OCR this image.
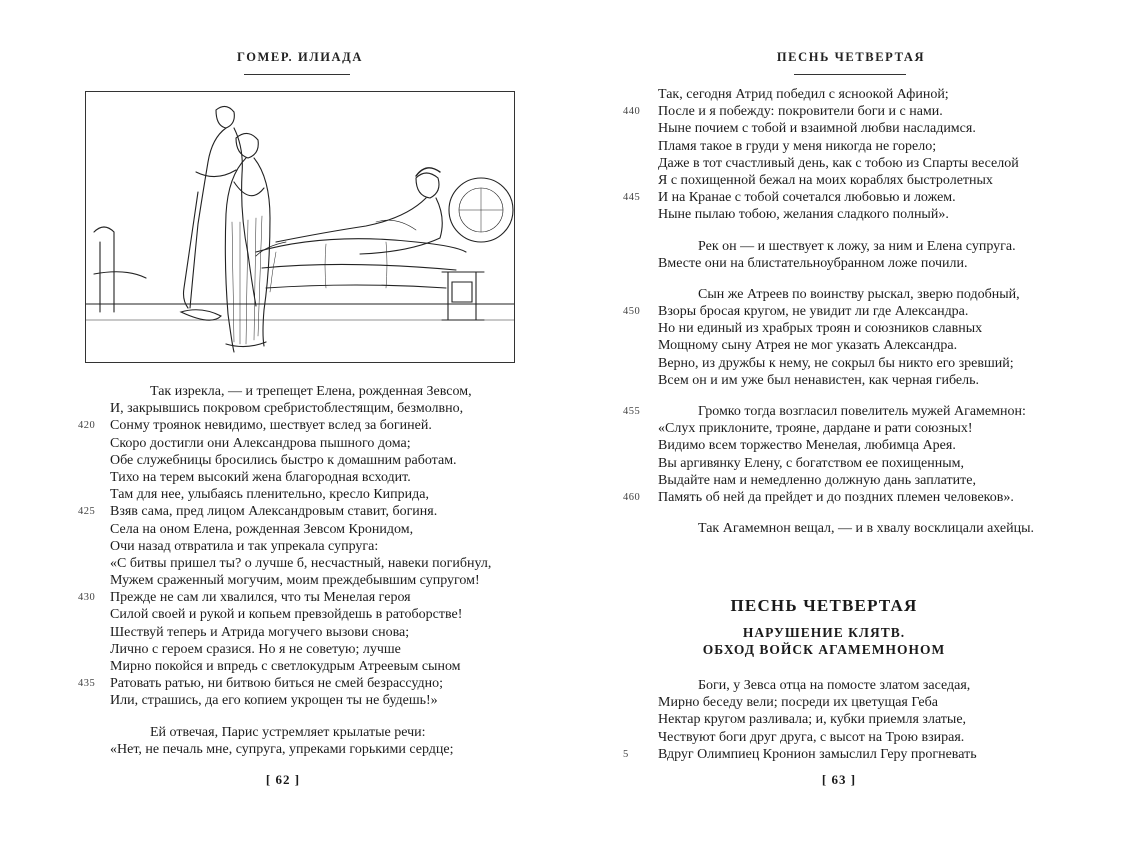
ГОМЕР. ИЛИАДА
Так изрекла, — и трепещет Елена, рожденная Зевсом,
И, закрывшись покровом сребристоблестящим, безмолвно,
420 Сонму троянок невидимо, шествует вслед за богиней.
Скоро достигли они Александрова пышного дома;
Обе служебницы бросились быстро к домашним работам.
Тихо на терем высокий жена благородная всходит.
Там для нее, улыбаясь пленительно, кресло Киприда,
425 Взяв сама, пред лицом Александровым ставит, богиня.
Села на оном Елена, рожденная Зевсом Кронидом,
Очи назад отвратила и так упрекала супруга:
«С битвы пришел ты? о лучше б, несчастный, навеки погибнул,
Мужем сраженный могучим, моим преждебывшим супругом!
430 Прежде не сам ли хвалился, что ты Менелая героя
Силой своей и рукой и копьем превзойдешь в ратоборстве!
Шествуй теперь и Атрида могучего вызови снова;
Лично с героем сразися. Но я не советую; лучше
Мирно покойся и впредь с светлокудрым Атреевым сыном
435 Ратовать ратью, ни битвою биться не смей безрассудно;
Или, страшись, да его копием укрощен ты не будешь!»
Ей отвечая, Парис устремляет крылатые речи:
«Нет, не печаль мне, супруга, упреками горькими сердце;
[ 62 ]
ПЕСНЬ ЧЕТВЕРТАЯ
Так, сегодня Атрид победил с ясноокой Афиной;
440 После и я побежду: покровители боги и с нами.
Ныне почием с тобой и взаимной любви насладимся.
Пламя такое в груди у меня никогда не горело;
Даже в тот счастливый день, как с тобою из Спарты веселой
Я с похищенной бежал на моих кораблях быстролетных
445 И на Кранае с тобой сочетался любовью и ложем.
Ныне пылаю тобою, желания сладкого полный».
Рек он — и шествует к ложу, за ним и Елена супруга.
Вместе они на блистательноубранном ложе почили.
Сын же Атреев по воинству рыскал, зверю подобный,
450 Взоры бросая кругом, не увидит ли где Александра.
Но ни единый из храбрых троян и союзников славных
Мощному сыну Атрея не мог указать Александра.
Верно, из дружбы к нему, не сокрыл бы никто его зревший;
Всем он и им уже был ненавистен, как черная гибель.
455	Громко тогда возгласил повелитель мужей Агамемнон:
«Слух приклоните, трояне, дардане и рати союзных!
Видимо всем торжество Менелая, любимца Арея.
Вы аргивянку Елену, с богатством ее похищенным,
Выдайте нам и немедленно должную дань заплатите,
460 Память об ней да прейдет и до поздних племен человеков».
Так Агамемнон вещал, — и в хвалу восклицали ахейцы.
[ 63 ]
ПЕСНЬ ЧЕТВЕРТАЯ
НАРУШЕНИЕ КЛЯТВ.
ОБХОД ВОЙСК АГАМЕМНОНОМ
Боги, у Зевса отца на помосте златом заседая,
Мирно беседу вели; посреди их цветущая Геба
Нектар кругом разливала; и, кубки приемля златые,
Чествуют боги друг друга, с высот на Трою взирая.
5 Вдруг Олимпиец Кронион замыслил Геру прогневать
